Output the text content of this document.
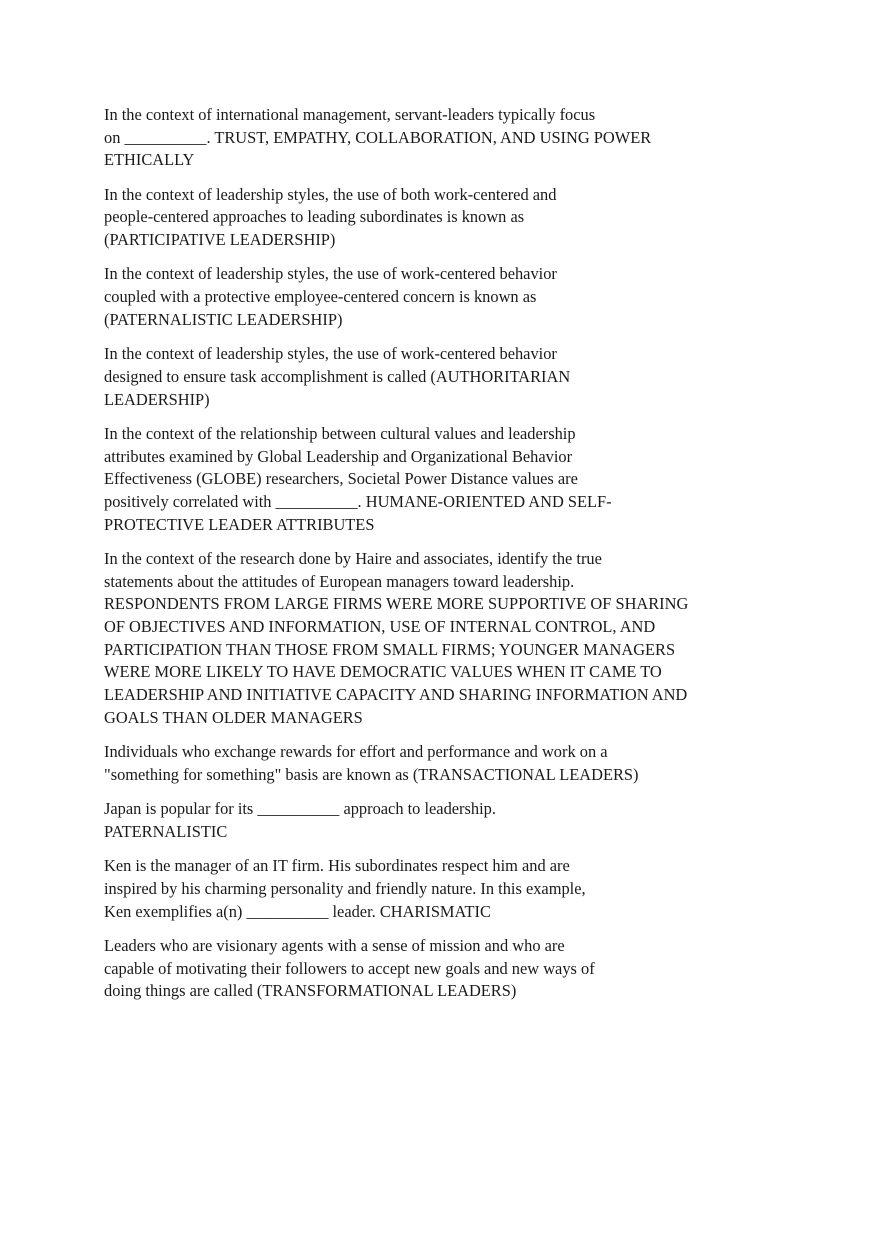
In the context of international management, servant-leaders typically focus
on __________. TRUST, EMPATHY, COLLABORATION, AND USING POWER
ETHICALLY

In the context of leadership styles, the use of both work-centered and
people-centered approaches to leading subordinates is known as
(PARTICIPATIVE LEADERSHIP)

In the context of leadership styles, the use of work-centered behavior
coupled with a protective employee-centered concern is known as
(PATERNALISTIC LEADERSHIP)

In the context of leadership styles, the use of work-centered behavior
designed to ensure task accomplishment is called (AUTHORITARIAN
LEADERSHIP)

In the context of the relationship between cultural values and leadership
attributes examined by Global Leadership and Organizational Behavior
Effectiveness (GLOBE) researchers, Societal Power Distance values are
positively correlated with __________. HUMANE-ORIENTED AND SELF-
PROTECTIVE LEADER ATTRIBUTES

In the context of the research done by Haire and associates, identify the true
statements about the attitudes of European managers toward leadership.
RESPONDENTS FROM LARGE FIRMS WERE MORE SUPPORTIVE OF SHARING
OF OBJECTIVES AND INFORMATION, USE OF INTERNAL CONTROL, AND
PARTICIPATION THAN THOSE FROM SMALL FIRMS; YOUNGER MANAGERS
WERE MORE LIKELY TO HAVE DEMOCRATIC VALUES WHEN IT CAME TO
LEADERSHIP AND INITIATIVE CAPACITY AND SHARING INFORMATION AND
GOALS THAN OLDER MANAGERS

Individuals who exchange rewards for effort and performance and work on a
"something for something" basis are known as (TRANSACTIONAL LEADERS)

Japan is popular for its __________ approach to leadership.
PATERNALISTIC

Ken is the manager of an IT firm. His subordinates respect him and are
inspired by his charming personality and friendly nature. In this example,
Ken exemplifies a(n) __________ leader. CHARISMATIC

Leaders who are visionary agents with a sense of mission and who are
capable of motivating their followers to accept new goals and new ways of
doing things are called (TRANSFORMATIONAL LEADERS)
